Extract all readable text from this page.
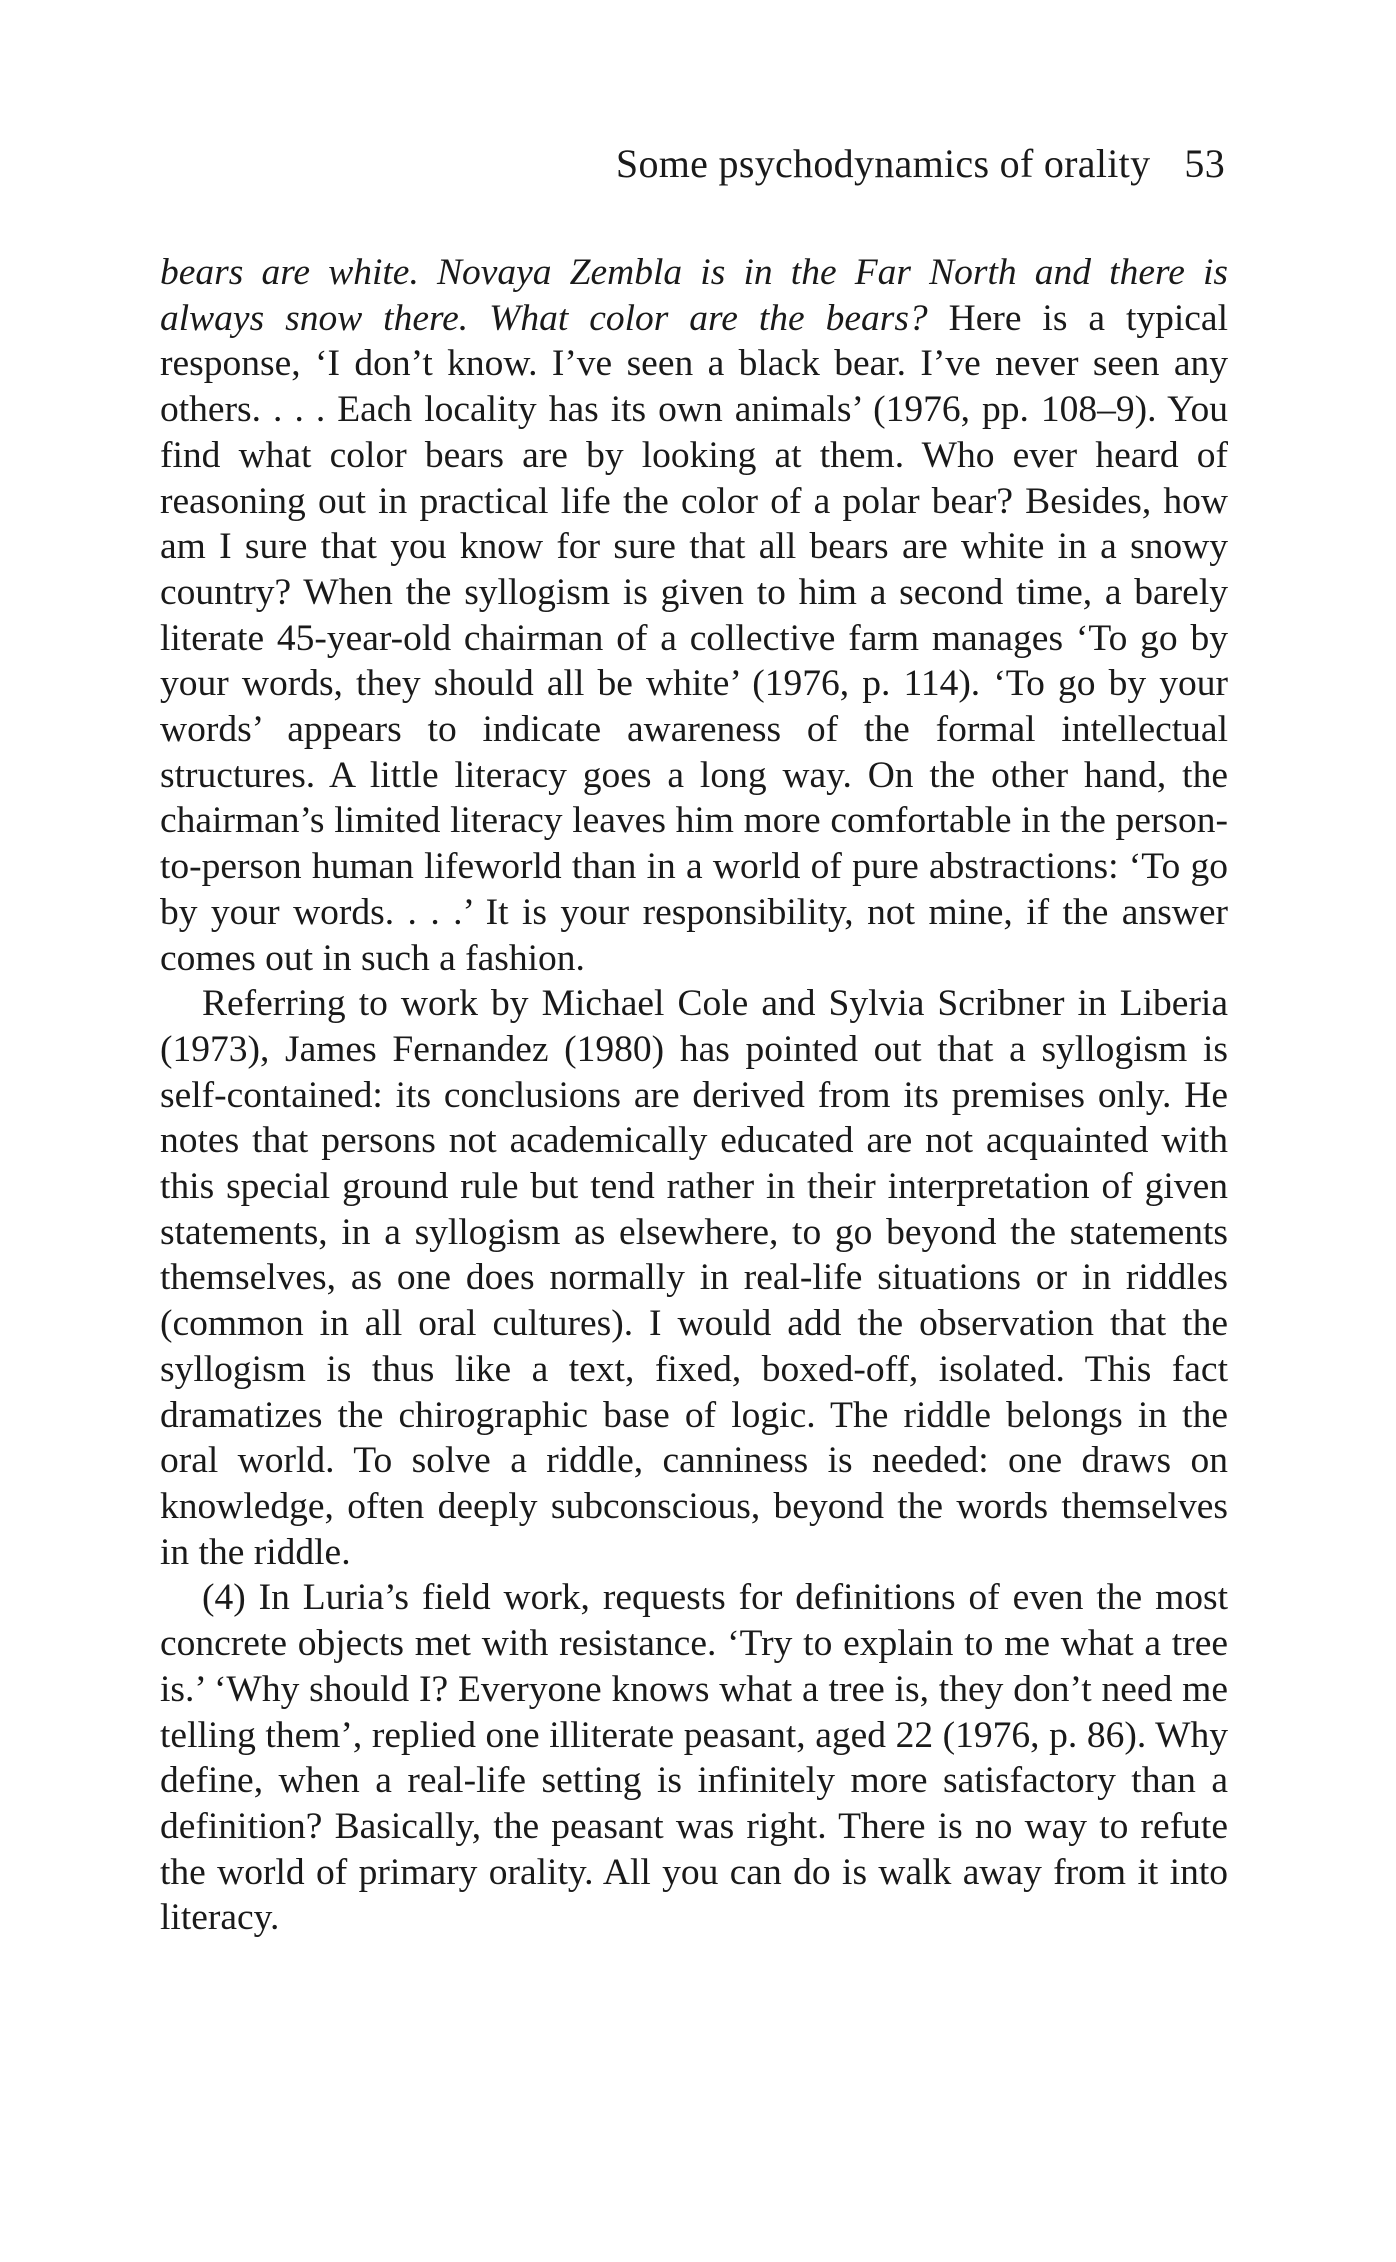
Some psychodynamics of orality 53

bears are white. Novaya Zembla is in the Far North and there is always snow there. What color are the bears? Here is a typical response, ‘I don’t know. I’ve seen a black bear. I’ve never seen any others. . . . Each locality has its own animals’ (1976, pp. 108–9). You find what color bears are by looking at them. Who ever heard of reasoning out in practical life the color of a polar bear? Besides, how am I sure that you know for sure that all bears are white in a snowy country? When the syllogism is given to him a second time, a barely literate 45-year-old chairman of a collective farm manages ‘To go by your words, they should all be white’ (1976, p. 114). ‘To go by your words’ appears to indicate awareness of the formal intellectual structures. A little literacy goes a long way. On the other hand, the chairman’s limited literacy leaves him more comfortable in the person-to-person human lifeworld than in a world of pure abstractions: ‘To go by your words. . . .’ It is your responsibility, not mine, if the answer comes out in such a fashion.

Referring to work by Michael Cole and Sylvia Scribner in Liberia (1973), James Fernandez (1980) has pointed out that a syllogism is self-contained: its conclusions are derived from its premises only. He notes that persons not academically educated are not acquainted with this special ground rule but tend rather in their interpretation of given statements, in a syllogism as elsewhere, to go beyond the statements themselves, as one does normally in real-life situations or in riddles (common in all oral cultures). I would add the observation that the syllogism is thus like a text, fixed, boxed-off, isolated. This fact dramatizes the chirographic base of logic. The riddle belongs in the oral world. To solve a riddle, canniness is needed: one draws on knowledge, often deeply subconscious, beyond the words themselves in the riddle.

(4) In Luria’s field work, requests for definitions of even the most concrete objects met with resistance. ‘Try to explain to me what a tree is.’ ‘Why should I? Everyone knows what a tree is, they don’t need me telling them’, replied one illiterate peasant, aged 22 (1976, p. 86). Why define, when a real-life setting is infinitely more satisfactory than a definition? Basically, the peasant was right. There is no way to refute the world of primary orality. All you can do is walk away from it into literacy.
